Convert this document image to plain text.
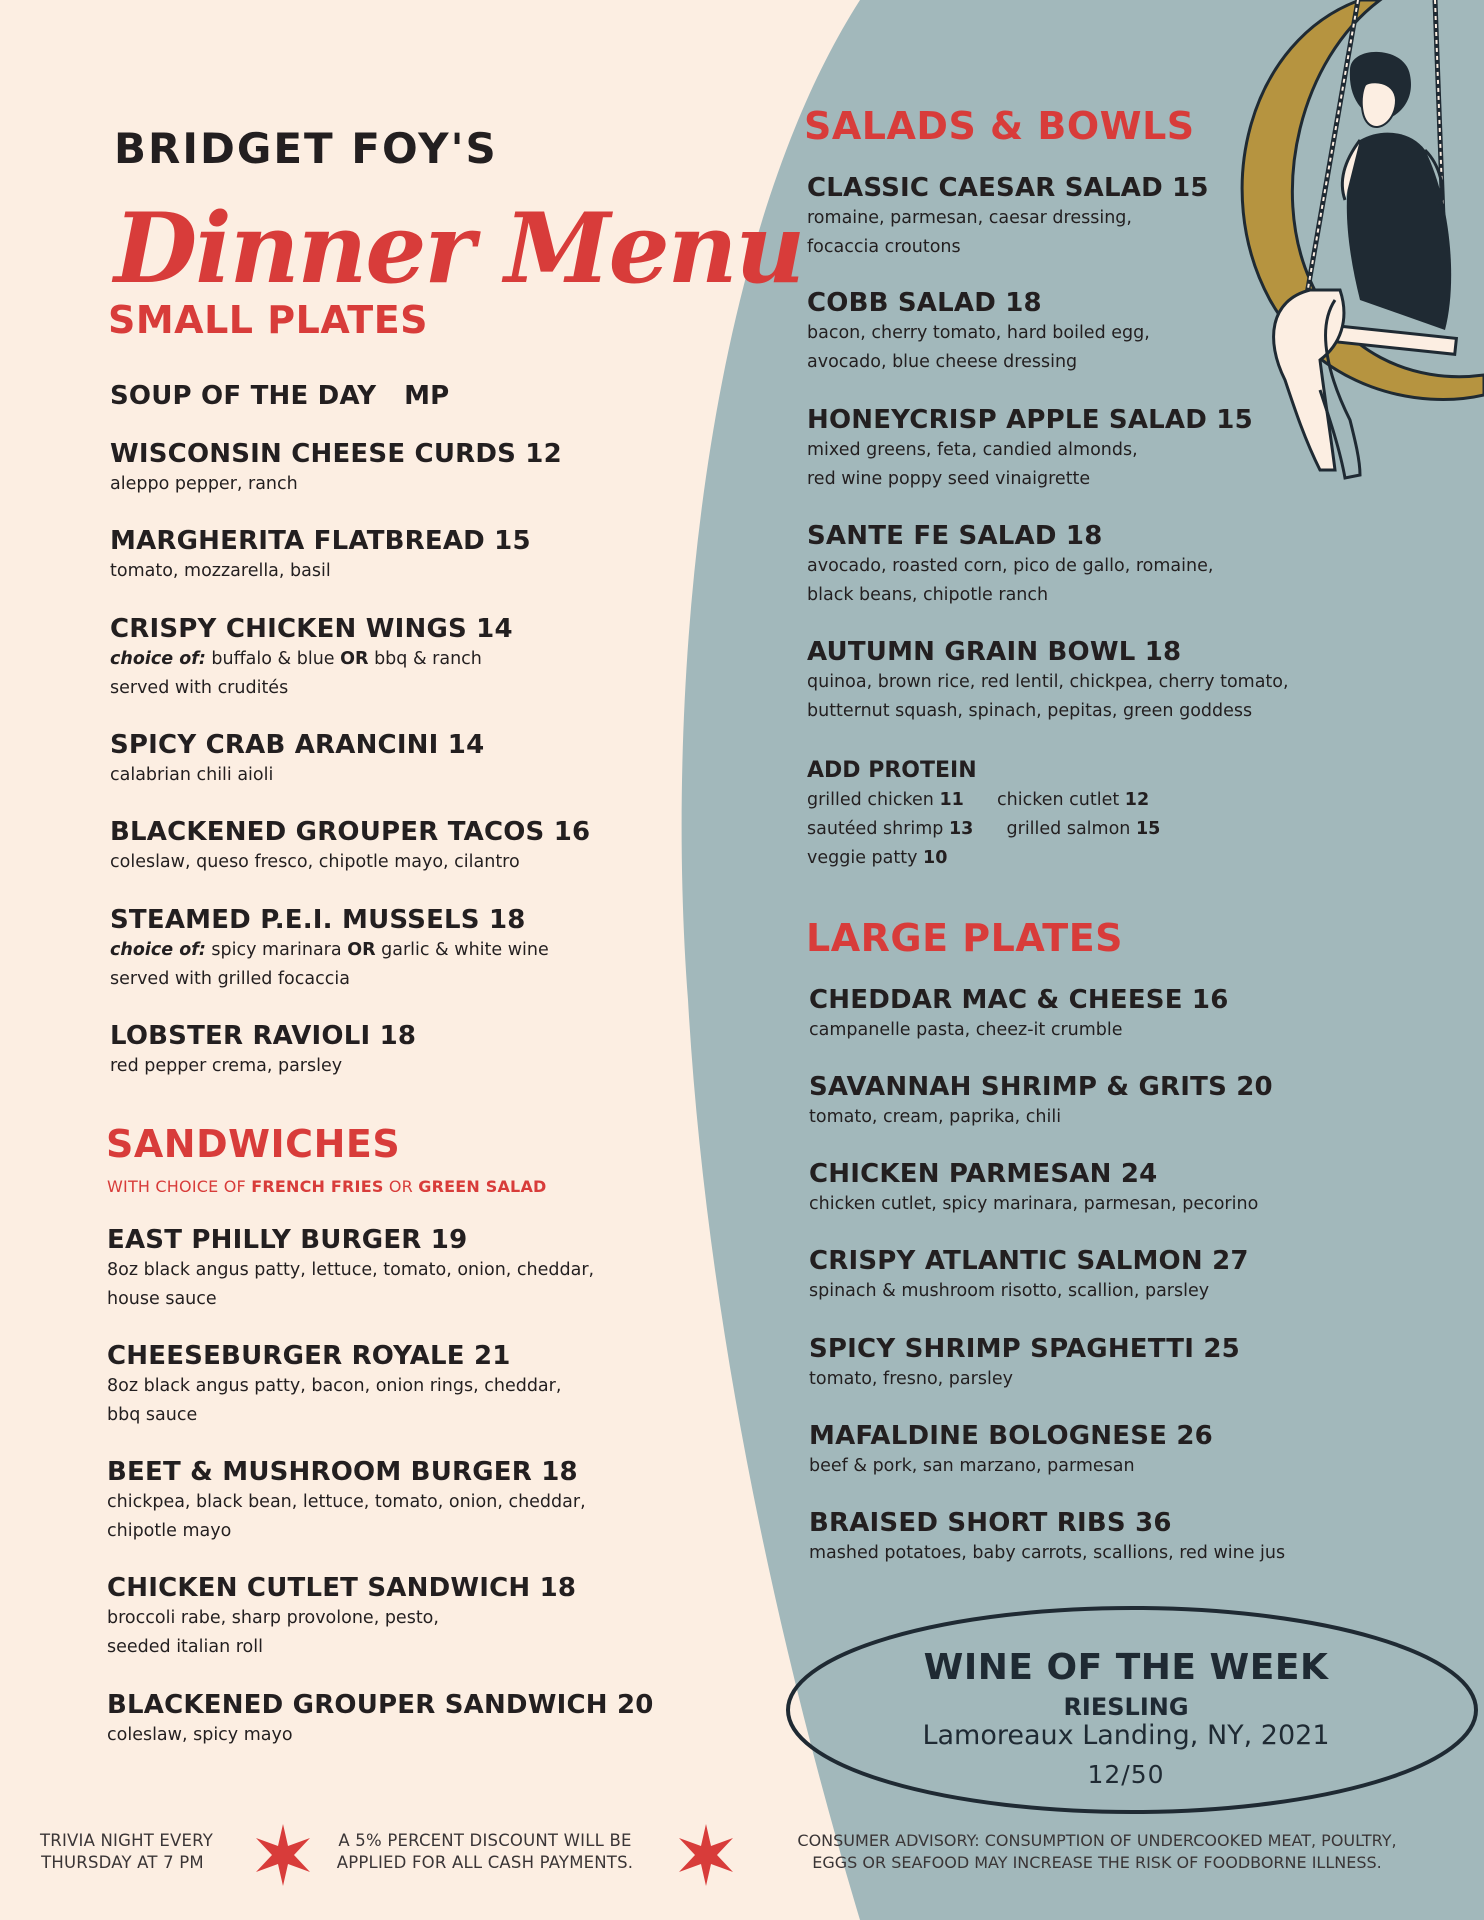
BRIDGET FOY'S
Dinner Menu
SMALL PLATES
SOUP OF THE DAY   MP
WISCONSIN CHEESE CURDS 12
aleppo pepper, ranch
MARGHERITA FLATBREAD 15
tomato, mozzarella, basil
CRISPY CHICKEN WINGS 14
choice of: buffalo & blue OR bbq & ranch
served with crudités
SPICY CRAB ARANCINI 14
calabrian chili aioli
BLACKENED GROUPER TACOS 16
coleslaw, queso fresco, chipotle mayo, cilantro
STEAMED P.E.I. MUSSELS 18
choice of: spicy marinara OR garlic & white wine
served with grilled focaccia
LOBSTER RAVIOLI 18
red pepper crema, parsley
SANDWICHES
WITH CHOICE OF FRENCH FRIES OR GREEN SALAD
EAST PHILLY BURGER 19
8oz black angus patty, lettuce, tomato, onion, cheddar,
house sauce
CHEESEBURGER ROYALE 21
8oz black angus patty, bacon, onion rings, cheddar,
bbq sauce
BEET & MUSHROOM BURGER 18
chickpea, black bean, lettuce, tomato, onion, cheddar,
chipotle mayo
CHICKEN CUTLET SANDWICH 18
broccoli rabe, sharp provolone, pesto,
seeded italian roll
BLACKENED GROUPER SANDWICH 20
coleslaw, spicy mayo
SALADS & BOWLS
CLASSIC CAESAR SALAD 15
romaine, parmesan, caesar dressing,
focaccia croutons
COBB SALAD 18
bacon, cherry tomato, hard boiled egg,
avocado, blue cheese dressing
HONEYCRISP APPLE SALAD 15
mixed greens, feta, candied almonds,
red wine poppy seed vinaigrette
SANTE FE SALAD 18
avocado, roasted corn, pico de gallo, romaine,
black beans, chipotle ranch
AUTUMN GRAIN BOWL 18
quinoa, brown rice, red lentil, chickpea, cherry tomato,
butternut squash, spinach, pepitas, green goddess
ADD PROTEIN
grilled chicken 11 chicken cutlet 12
sautéed shrimp 13 grilled salmon 15
veggie patty 10
LARGE PLATES
CHEDDAR MAC & CHEESE 16
campanelle pasta, cheez-it crumble
SAVANNAH SHRIMP & GRITS 20
tomato, cream, paprika, chili
CHICKEN PARMESAN 24
chicken cutlet, spicy marinara, parmesan, pecorino
CRISPY ATLANTIC SALMON 27
spinach & mushroom risotto, scallion, parsley
SPICY SHRIMP SPAGHETTI 25
tomato, fresno, parsley
MAFALDINE BOLOGNESE 26
beef & pork, san marzano, parmesan
BRAISED SHORT RIBS 36
mashed potatoes, baby carrots, scallions, red wine jus
WINE OF THE WEEK
RIESLING
Lamoreaux Landing, NY, 2021
12/50
TRIVIA NIGHT EVERY
THURSDAY AT 7 PM
A 5% PERCENT DISCOUNT WILL BE
APPLIED FOR ALL CASH PAYMENTS.
CONSUMER ADVISORY: CONSUMPTION OF UNDERCOOKED MEAT, POULTRY,
EGGS OR SEAFOOD MAY INCREASE THE RISK OF FOODBORNE ILLNESS.
